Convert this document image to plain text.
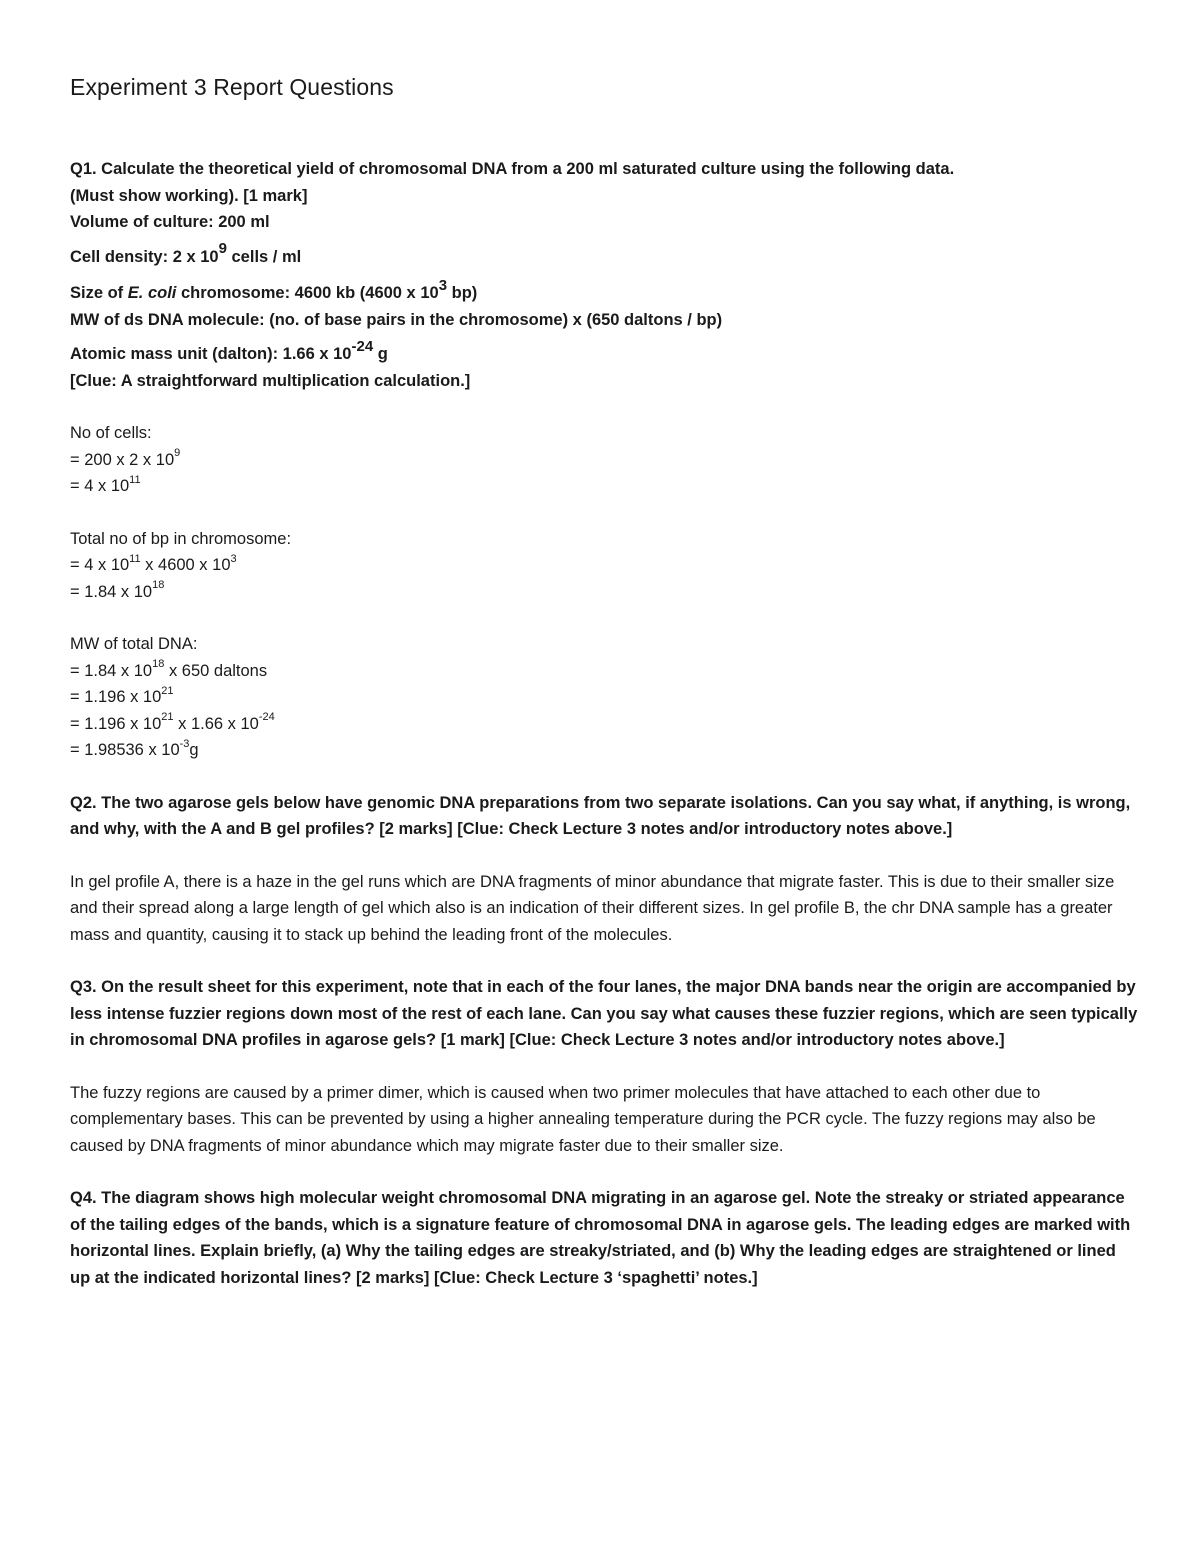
Experiment 3 Report Questions
Q1. Calculate the theoretical yield of chromosomal DNA from a 200 ml saturated culture using the following data.
(Must show working). [1 mark]
Volume of culture: 200 ml
Cell density: 2 x $10^9$ cells / ml
Size of E. coli chromosome: 4600 kb (4600 x $10^3$ bp)
MW of ds DNA molecule: (no. of base pairs in the chromosome) x (650 daltons / bp)
Atomic mass unit (dalton): 1.66 x $10^{-24}$ g
[Clue: A straightforward multiplication calculation.]
No of cells:
= 200 x 2 x $10^9$
= 4 x $10^{11}$
Total no of bp in chromosome:
= 4 x $10^{11}$ x 4600 x $10^3$
= 1.84 x $10^{18}$
MW of total DNA:
= 1.84 x $10^{18}$ x 650 daltons
= 1.196 x $10^{21}$
= 1.196 x $10^{21}$ x 1.66 x $10^{-24}$
= 1.98536 x $10^{-3}g$

Q2. The two agarose gels below have genomic DNA preparations from two separate isolations. Can you say what, if anything, is wrong, and why, with the A and B gel profiles? [2 marks] [Clue: Check Lecture 3 notes and/or introductory notes above.]

In gel profile A, there is a haze in the gel runs which are DNA fragments of minor abundance that migrate faster. This is due to their smaller size and their spread along a large length of gel which also is an indication of their different sizes. In gel profile B, the chr DNA sample has a greater mass and quantity, causing it to stack up behind the leading front of the molecules.

Q3. On the result sheet for this experiment, note that in each of the four lanes, the major DNA bands near the origin are accompanied by less intense fuzzier regions down most of the rest of each lane. Can you say what causes these fuzzier regions, which are seen typically in chromosomal DNA profiles in agarose gels? [1 mark] [Clue: Check Lecture 3 notes and/or introductory notes above.]

The fuzzy regions are caused by a primer dimer, which is caused when two primer molecules that have attached to each other due to complementary bases. This can be prevented by using a higher annealing temperature during the PCR cycle. The fuzzy regions may also be caused by DNA fragments of minor abundance which may migrate faster due to their smaller size.

Q4. The diagram shows high molecular weight chromosomal DNA migrating in an agarose gel. Note the streaky or striated appearance of the tailing edges of the bands, which is a signature feature of chromosomal DNA in agarose gels. The leading edges are marked with horizontal lines. Explain briefly, (a) Why the tailing edges are streaky/striated, and (b) Why the leading edges are straightened or lined up at the indicated horizontal lines? [2 marks] [Clue: Check Lecture 3 ‘spaghetti’ notes.]
